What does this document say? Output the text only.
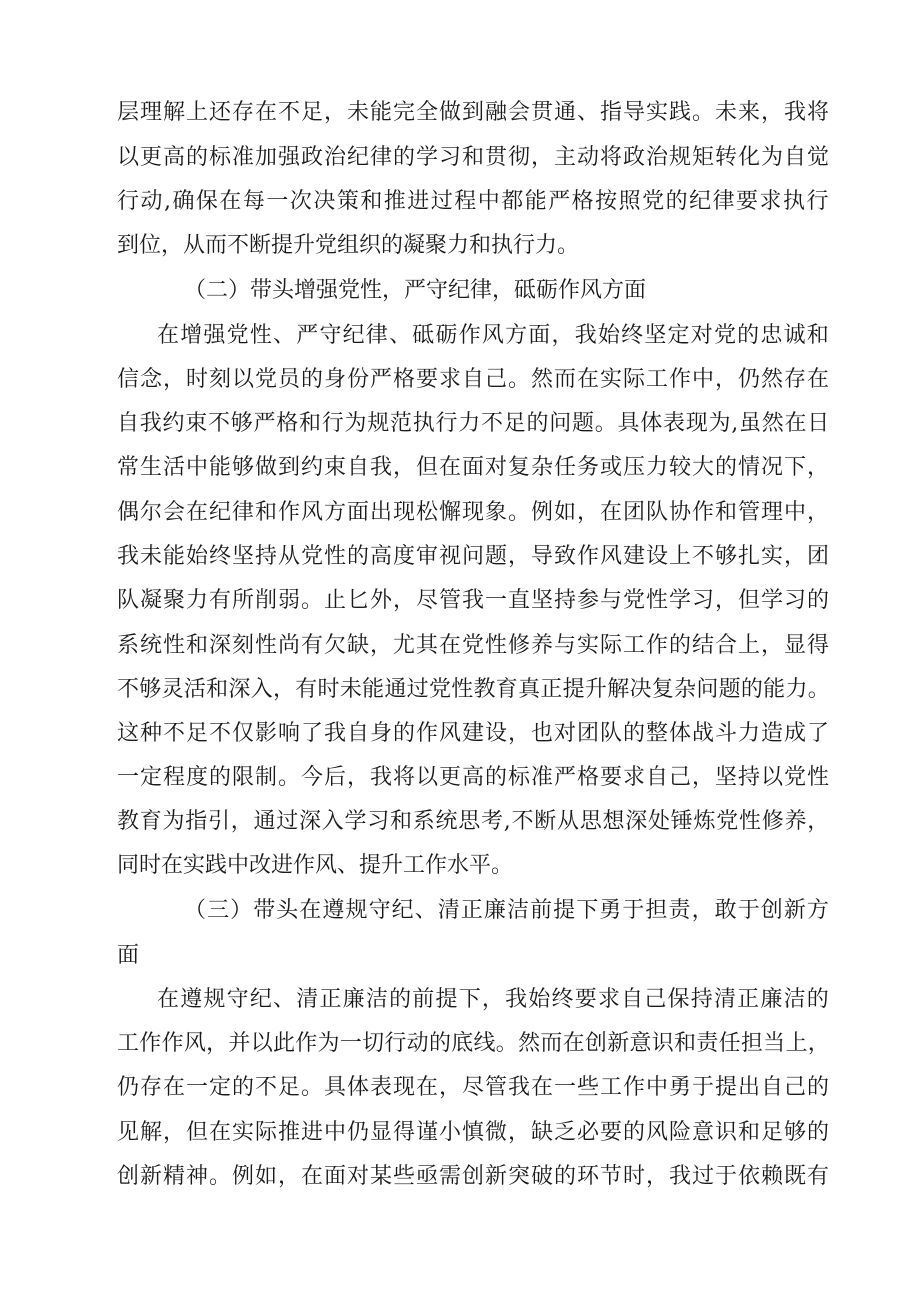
层理解上还存在不足，未能完全做到融会贯通、指导实践。未来，我将
以更高的标准加强政治纪律的学习和贯彻，主动将政治规矩转化为自觉
行动,确保在每一次决策和推进过程中都能严格按照党的纪律要求执行
到位，从而不断提升党组织的凝聚力和执行力。
（二）带头增强党性，严守纪律，砥砺作风方面
在增强党性、严守纪律、砥砺作风方面，我始终坚定对党的忠诚和
信念，时刻以党员的身份严格要求自己。然而在实际工作中，仍然存在
自我约束不够严格和行为规范执行力不足的问题。具体表现为,虽然在日
常生活中能够做到约束自我，但在面对复杂任务或压力较大的情况下，
偶尔会在纪律和作风方面出现松懈现象。例如，在团队协作和管理中，
我未能始终坚持从党性的高度审视问题，导致作风建设上不够扎实，团
队凝聚力有所削弱。止匕外，尽管我一直坚持参与党性学习，但学习的
系统性和深刻性尚有欠缺，尤其在党性修养与实际工作的结合上，显得
不够灵活和深入，有时未能通过党性教育真正提升解决复杂问题的能力。
这种不足不仅影响了我自身的作风建设，也对团队的整体战斗力造成了
一定程度的限制。今后，我将以更高的标准严格要求自己，坚持以党性
教育为指引，通过深入学习和系统思考,不断从思想深处锤炼党性修养，
同时在实践中改进作风、提升工作水平。
（三）带头在遵规守纪、清正廉洁前提下勇于担责，敢于创新方
面
在遵规守纪、清正廉洁的前提下，我始终要求自己保持清正廉洁的
工作作风，并以此作为一切行动的底线。然而在创新意识和责任担当上，
仍存在一定的不足。具体表现在，尽管我在一些工作中勇于提出自己的
见解，但在实际推进中仍显得谨小慎微，缺乏必要的风险意识和足够的
创新精神。例如，在面对某些亟需创新突破的环节时，我过于依赖既有
